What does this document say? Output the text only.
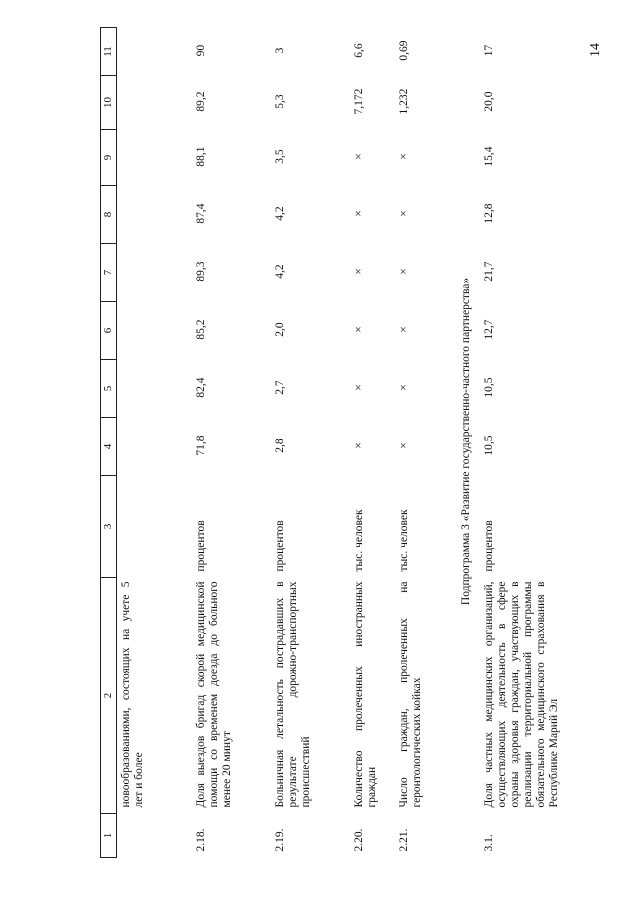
14
1	2	3	4	5	6	7	8	9	10	11
	новообразованиями, состоящих на учете 5 лет и более									
2.18.	Доля выездов бригад скорой медицинской помощи со временем доезда до больного менее 20 минут	процентов	71,8	82,4	85,2	89,3	87,4	88,1	89,2	90
2.19.	Больничная летальность пострадавших в результате дорожно-транспортных происшествий	процентов	2,8	2,7	2,0	4,2	4,2	3,5	5,3	3
2.20.	Количество пролеченных иностранных граждан	тыс. человек	×	×	×	×	×	×	7,172	6,6
2.21.	Число граждан, пролеченных на геронтологических койках	тыс. человек	×	×	×	×	×	×	1,232	0,69
Подпрограмма 3 «Развитие государственно-частного партнерства»										
3.1.	Доля частных медицинских организаций, осуществляющих деятельность в сфере охраны здоровья граждан, участвующих в реализации территориальной программы обязательного медицинского страхования в Республике Марий Эл	процентов	10,5	10,5	12,7	21,7	12,8	15,4	20,0	17
